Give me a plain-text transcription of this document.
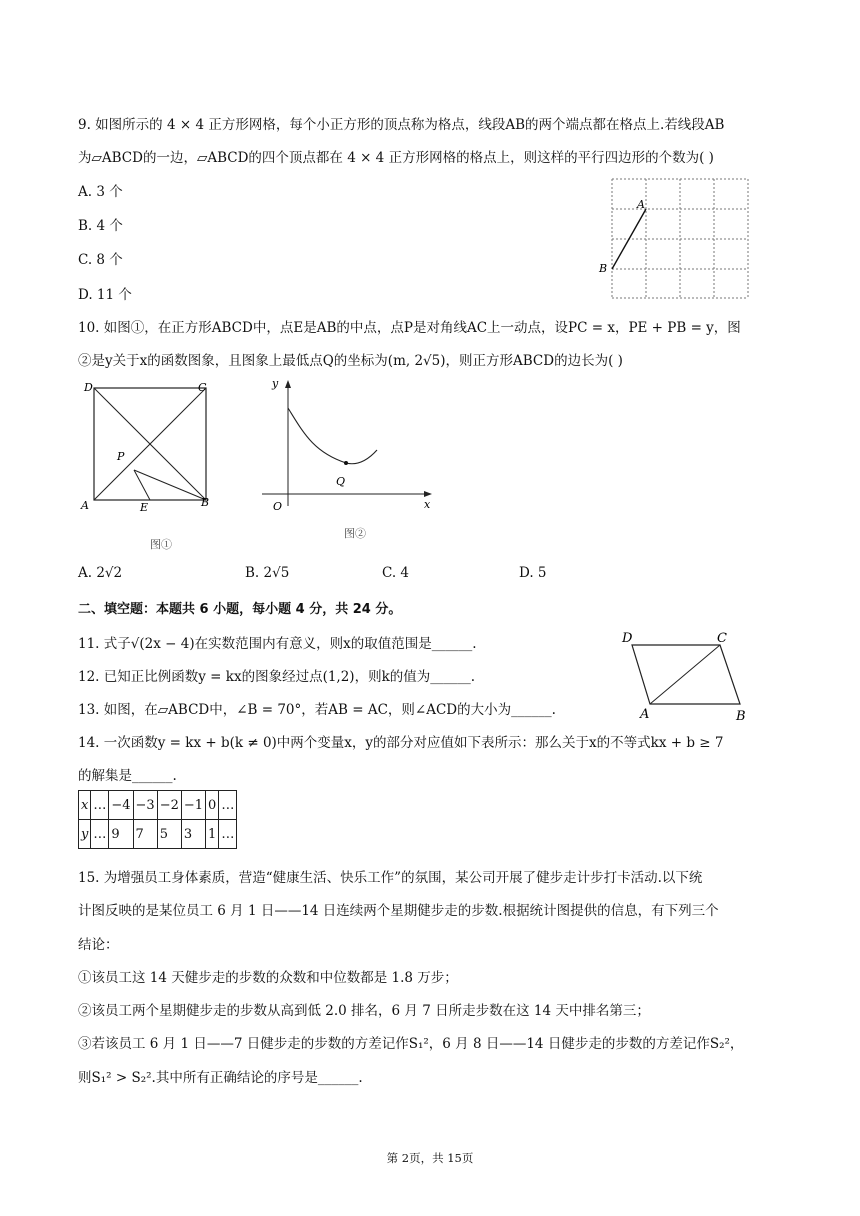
9. 如图所示的 4 × 4 正方形网格，每个小正方形的顶点称为格点，线段AB的两个端点都在格点上.若线段AB
为▱ABCD的一边，▱ABCD的四个顶点都在 4 × 4 正方形网格的格点上，则这样的平行四边形的个数为( )
A. 3 个
B. 4 个
C. 8 个
D. 11 个
A
B
10. 如图①，在正方形ABCD中，点E是AB的中点，点P是对角线AC上一动点，设PC = x，PE + PB = y，图
②是y关于x的函数图象，且图象上最低点Q的坐标为(m, 2√5)，则正方形ABCD的边长为( )
D	C
P
A	E	B
图①
y
O
Q
x
图②
A. 2√2	B. 2√5	C. 4	D. 5
二、填空题：本题共 6 小题，每小题 4 分，共 24 分。
11. 式子√(2x − 4)在实数范围内有意义，则x的取值范围是______.
12. 已知正比例函数y = kx的图象经过点(1,2)，则k的值为______.
13. 如图，在▱ABCD中，∠B = 70°，若AB = AC，则∠ACD的大小为______.
D	C
A	B
14. 一次函数y = kx + b(k ≠ 0)中两个变量x，y的部分对应值如下表所示：那么关于x的不等式kx + b ≥ 7
的解集是______.
x	…	−4	−3	−2	−1	0	…
y	…	9	7	5	3	1	…
15. 为增强员工身体素质，营造“健康生活、快乐工作”的氛围，某公司开展了健步走计步打卡活动.以下统
计图反映的是某位员工 6 月 1 日——14 日连续两个星期健步走的步数.根据统计图提供的信息，有下列三个
结论：
①该员工这 14 天健步走的步数的众数和中位数都是 1.8 万步；
②该员工两个星期健步走的步数从高到低 2.0 排名，6 月 7 日所走步数在这 14 天中排名第三；
③若该员工 6 月 1 日——7 日健步走的步数的方差记作S₁²，6 月 8 日——14 日健步走的步数的方差记作S₂²，
则S₁² > S₂².其中所有正确结论的序号是______.
第 2页，共 15页
